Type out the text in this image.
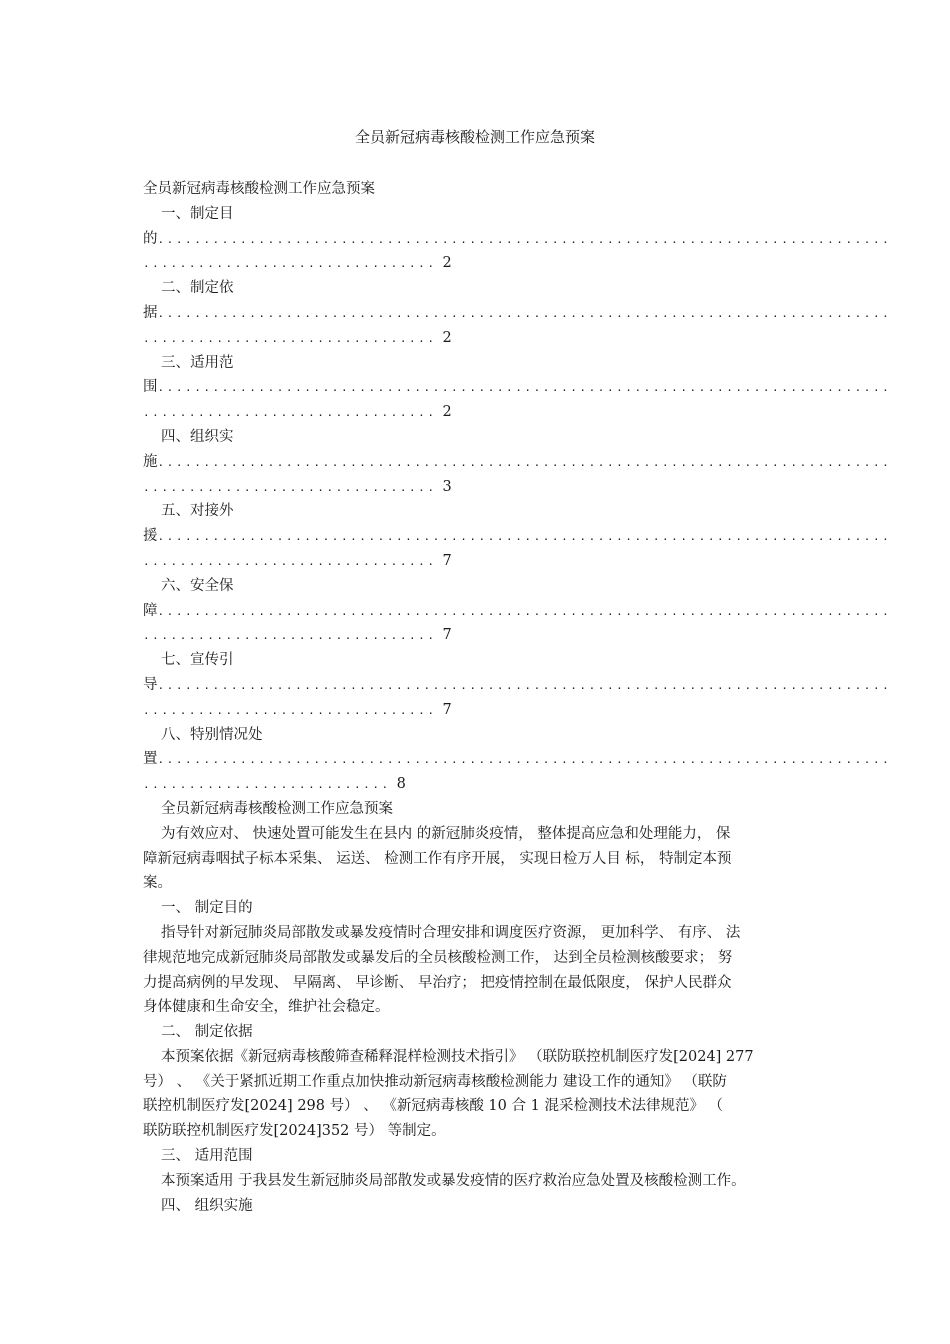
全员新冠病毒核酸检测工作应急预案
全员新冠病毒核酸检测工作应急预案
一、制定目
的................................................................................
................................ 2
二、制定依
据................................................................................
................................ 2
三、适用范
围................................................................................
................................ 2
四、组织实
施................................................................................
................................ 3
五、对接外
援................................................................................
................................ 7
六、安全保
障................................................................................
................................ 7
七、宣传引
导................................................................................
................................ 7
八、特别情况处
置................................................................................
........................... 8
全员新冠病毒核酸检测工作应急预案
为有效应对、 快速处置可能发生在县内 的新冠肺炎疫情， 整体提高应急和处理能力， 保
障新冠病毒咽拭子标本采集、 运送、 检测工作有序开展， 实现日检万人目 标， 特制定本预
案。
一、 制定目的
指导针对新冠肺炎局部散发或暴发疫情时合理安排和调度医疗资源， 更加科学、 有序、 法
律规范地完成新冠肺炎局部散发或暴发后的全员核酸检测工作， 达到全员检测核酸要求； 努
力提高病例的早发现、 早隔离、 早诊断、 早治疗； 把疫情控制在最低限度， 保护人民群众
身体健康和生命安全，维护社会稳定。
二、 制定依据
本预案依据《新冠病毒核酸筛查稀释混样检测技术指引》 （联防联控机制医疗发[2024] 277
号） 、 《关于紧抓近期工作重点加快推动新冠病毒核酸检测能力 建设工作的通知》 （联防
联控机制医疗发[2024] 298 号） 、 《新冠病毒核酸 10 合 1 混采检测技术法律规范》 （
联防联控机制医疗发[2024]352 号） 等制定。
三、 适用范围
本预案适用 于我县发生新冠肺炎局部散发或暴发疫情的医疗救治应急处置及核酸检测工作。
四、 组织实施
